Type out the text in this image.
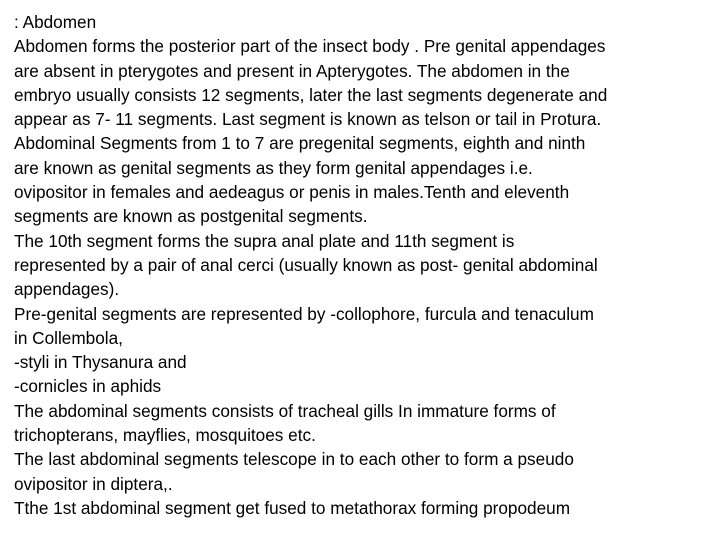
: Abdomen
Abdomen forms the posterior part of the insect body . Pre genital appendages
are absent in pterygotes and present in Apterygotes. The abdomen in the
embryo usually consists 12 segments, later the last segments degenerate and
appear as 7- 11 segments. Last segment is known as telson or tail in Protura.
Abdominal Segments from 1 to 7 are pregenital segments, eighth and ninth
are known as genital segments as they form genital appendages i.e.
ovipositor in females and aedeagus or penis in males.Tenth and eleventh
segments are known as postgenital segments.
The 10th segment forms the supra anal plate and 11th segment is
represented by a pair of anal cerci (usually known as post- genital abdominal
appendages).
Pre-genital segments are represented by -collophore, furcula and tenaculum
in Collembola,
-styli in Thysanura and
-cornicles in aphids
The abdominal segments consists of tracheal gills In immature forms of
trichopterans, mayflies, mosquitoes etc.
The last abdominal segments telescope in to each other to form a pseudo
ovipositor in diptera,.
Tthe 1st abdominal segment get fused to metathorax forming propodeum
